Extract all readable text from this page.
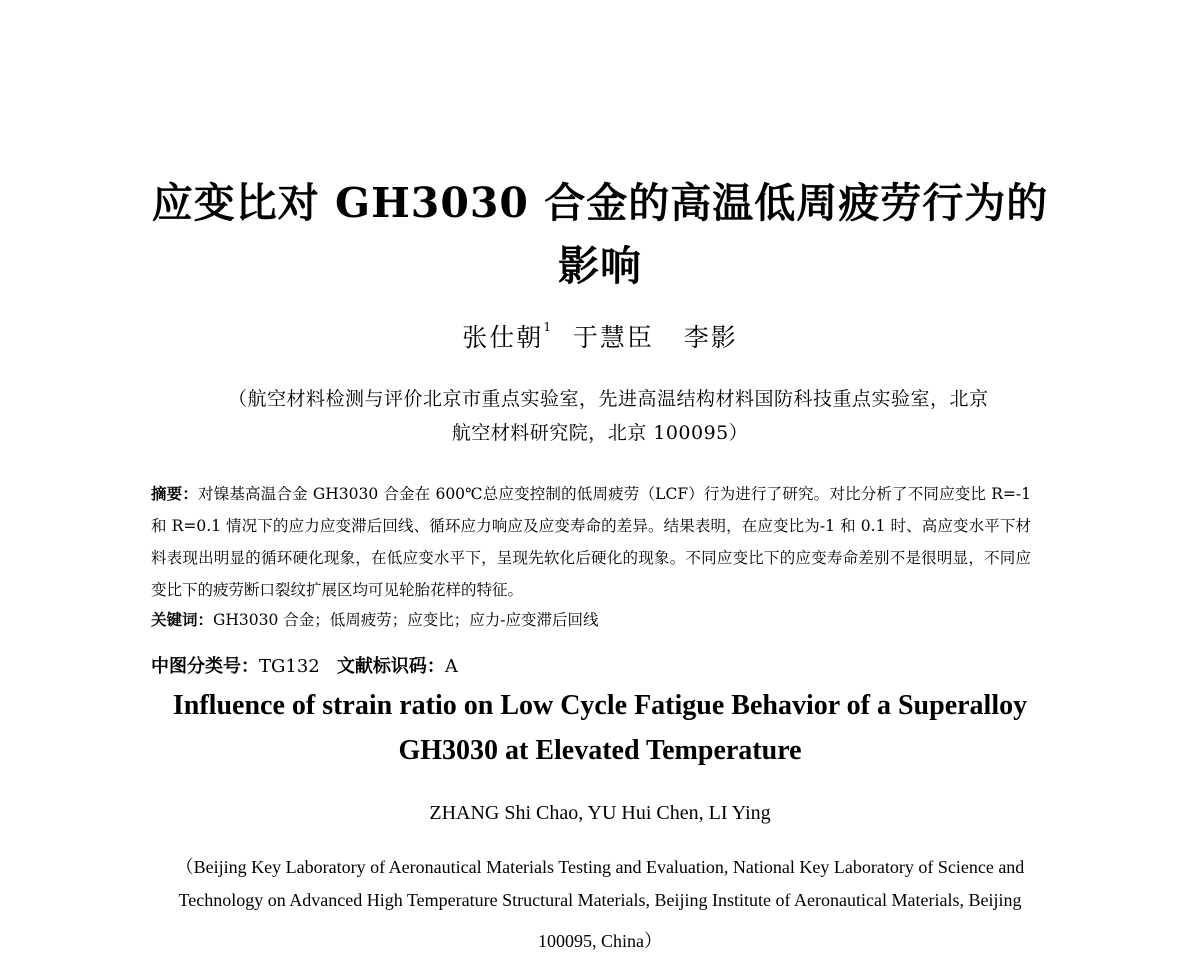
应变比对 GH3030 合金的高温低周疲劳行为的
影响

张仕朝$^1$ 于慧臣   李影

（航空材料检测与评价北京市重点实验室，先进高温结构材料国防科技重点实验室，北京

航空材料研究院，北京 100095）

摘要：对镍基高温合金 GH3030 合金在 600℃总应变控制的低周疲劳（LCF）行为进行了研究。对比分析了不同应变比 R=-1 和 R=0.1 情况下的应力应变滞后回线、循环应力响应及应变寿命的差异。结果表明，在应变比为-1 和 0.1 时、高应变水平下材料表现出明显的循环硬化现象，在低应变水平下，呈现先软化后硬化的现象。不同应变比下的应变寿命差别不是很明显，不同应变比下的疲劳断口裂纹扩展区均可见轮胎花样的特征。
关键词：GH3030 合金；低周疲劳；应变比；应力-应变滞后回线
中图分类号：TG132 文献标识码：A
Influence of strain ratio on Low Cycle Fatigue Behavior of a Superalloy
GH3030 at Elevated Temperature

ZHANG Shi Chao, YU Hui Chen, LI Ying

（Beijing Key Laboratory of Aeronautical Materials Testing and Evaluation, National Key Laboratory of Science and

Technology on Advanced High Temperature Structural Materials, Beijing Institute of Aeronautical Materials, Beijing

100095, China）
